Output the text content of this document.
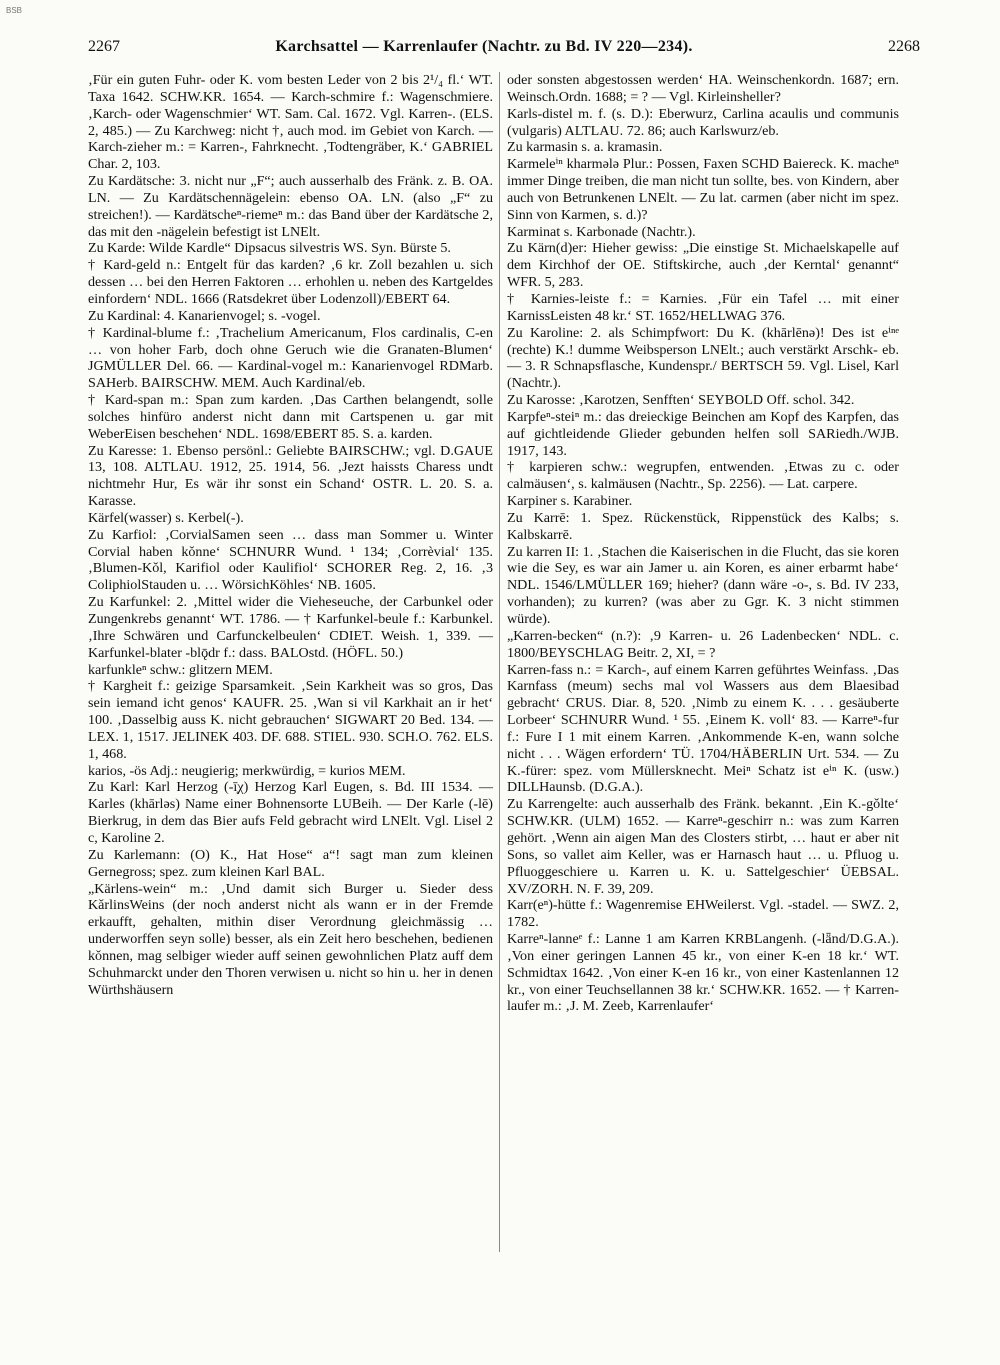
BSB
2267	Karchsattel — Karrenlaufer (Nachtr. zu Bd. IV 220—234).	2268

‚Für ein guten Fuhr- oder K. vom besten Leder von 2 bis 2¹/₄ fl.‘ WT. Taxa 1642. SCHW.KR. 1654. — Karch-schmire f.: Wagenschmiere. ‚Karch- oder Wagenschmier‘ WT. Sam. Cal. 1672. Vgl. Karren-. (ELS. 2, 485.) — Zu Karchweg: nicht †, auch mod. im Gebiet von Karch. — Karch-zieher m.: = Karren-, Fahrknecht. ‚Todtengräber, K.‘ GABRIEL Char. 2, 103.

Zu Kardätsche: 3. nicht nur „F“; auch ausserhalb des Fränk. z. B. OA. LN. — Zu Kardätschennägelein: ebenso OA. LN. (also „F“ zu streichen!). — Kardätscheⁿ-riemeⁿ m.: das Band über der Kardätsche 2, das mit den -nägelein befestigt ist LNElt.

Zu Karde: Wilde Kardle“ Dipsacus silvestris WS. Syn. Bürste 5.

† Kard-geld n.: Entgelt für das karden? ‚6 kr. Zoll bezahlen u. sich dessen … bei den Herren Faktoren … erhohlen u. neben des Kartgeldes einfordern‘ NDL. 1666 (Ratsdekret über Lodenzoll)/EBERT 64.

Zu Kardinal: 4. Kanarienvogel; s. -vogel.

† Kardinal-blume f.: ‚Trachelium Americanum, Flos cardinalis, C-en … von hoher Farb, doch ohne Geruch wie die Granaten-Blumen‘ JGMÜLLER Del. 66. — Kardinal-vogel m.: Kanarienvogel RDMarb. SAHerb. BAIRSCHW. MEM. Auch Kardinal/eb.

† Kard-span m.: Span zum karden. ‚Das Carthen belangendt, solle solches hinfüro anderst nicht dann mit Cartspenen u. gar mit WeberEisen beschehen‘ NDL. 1698/EBERT 85. S. a. karden.

Zu Karesse: 1. Ebenso persönl.: Geliebte BAIRSCHW.; vgl. D.GAUE 13, 108. ALTLAU. 1912, 25. 1914, 56. ‚Jezt haissts Charess undt nichtmehr Hur, Es wär ihr sonst ein Schand‘ OSTR. L. 20. S. a. Karasse.

Kärfel(wasser) s. Kerbel(-).

Zu Karfiol: ‚CorvialSamen seen … dass man Sommer u. Winter Corvial haben kǒnne‘ SCHNURR Wund. ¹ 134; ‚Corrèvial‘ 135. ‚Blumen-Kǒl, Karifiol oder Kaulifiol‘ SCHORER Reg. 2, 16. ‚3 ColiphiolStauden u. … WörsichKöhles‘ NB. 1605.

Zu Karfunkel: 2. ‚Mittel wider die Vieheseuche, der Carbunkel oder Zungenkrebs genannt‘ WT. 1786. — † Karfunkel-beule f.: Karbunkel. ‚Ihre Schwären und Carfunckelbeulen‘ CDIET. Weish. 1, 339. — Karfunkel-blater -blǭdr f.: dass. BALOstd. (HÖFL. 50.)

karfunkleⁿ schw.: glitzern MEM.

† Kargheit f.: geizige Sparsamkeit. ‚Sein Karkheit was so gros, Das sein iemand icht genos‘ KAUFR. 25. ‚Wan si vil Karkhait an ir het‘ 100. ‚Dasselbig auss K. nicht gebrauchen‘ SIGWART 20 Bed. 134. — LEX. 1, 1517. JELINEK 403. DF. 688. STIEL. 930. SCH.O. 762. ELS. 1, 468.

karios, -ös Adj.: neugierig; merkwürdig, = kurios MEM.

Zu Karl: Karl Herzog (-ī̜χ) Herzog Karl Eugen, s. Bd. III 1534. — Karles (khārləs) Name einer Bohnensorte LUBeih. — Der Karle (-lē) Bierkrug, in dem das Bier aufs Feld gebracht wird LNElt. Vgl. Lisel 2 c, Karoline 2.

Zu Karlemann: (O) K., Hat Hose“ a“! sagt man zum kleinen Gernegross; spez. zum kleinen Karl BAL.

„Kärlens-wein“ m.: ‚Und damit sich Burger u. Sieder dess KǎrlinsWeins (der noch anderst nicht als wann er in der Fremde erkaufft, gehalten, mithin diser Verordnung gleichmässig … underworffen seyn solle) besser, als ein Zeit hero beschehen, bedienen kǒnnen, mag selbiger wieder auff seinen gewohnlichen Platz auff dem Schuhmarckt under den Thoren verwisen u. nicht so hin u. her in denen Würthshäusern

oder sonsten abgestossen werden‘ HA. Weinschenkordn. 1687; ern. Weinsch.Ordn. 1688; = ? — Vgl. Kirleinsheller?

Karls-distel m. f. (s. D.): Eberwurz, Carlina acaulis und communis (vulgaris) ALTLAU. 72. 86; auch Karlswurz/eb.

Zu karmasin s. a. kramasin.

Karmeleⁱⁿ kharmələ Plur.: Possen, Faxen SCHD Baiereck. K. macheⁿ immer Dinge treiben, die man nicht tun sollte, bes. von Kindern, aber auch von Betrunkenen LNElt. — Zu lat. carmen (aber nicht im spez. Sinn von Karmen, s. d.)?

Karminat s. Karbonade (Nachtr.).

Zu Kärn(d)er: Hieher gewiss: „Die einstige St. Michaelskapelle auf dem Kirchhof der OE. Stiftskirche, auch ‚der Kerntal‘ genannt“ WFR. 5, 283.

† Karnies-leiste f.: = Karnies. ‚Für ein Tafel … mit einer KarnissLeisten 48 kr.‘ ST. 1652/HELLWAG 376.

Zu Karoline: 2. als Schimpfwort: Du K. (khārlēnə)! Des ist eⁱⁿᵉ (rechte) K.! dumme Weibsperson LNElt.; auch verstärkt Arschk- eb. — 3. R Schnapsflasche, Kundenspr./ BERTSCH 59. Vgl. Lisel, Karl (Nachtr.).

Zu Karosse: ‚Karotzen, Senfften‘ SEYBOLD Off. schol. 342.

Karpfeⁿ-steiⁿ m.: das dreieckige Beinchen am Kopf des Karpfen, das auf gichtleidende Glieder gebunden helfen soll SARiedh./WJB. 1917, 143.

† karpieren schw.: wegrupfen, entwenden. ‚Etwas zu c. oder calmäusen‘, s. kalmäusen (Nachtr., Sp. 2256). — Lat. carpere.

Karpiner s. Karabiner.

Zu Karrē: 1. Spez. Rückenstück, Rippenstück des Kalbs; s. Kalbskarrē.

Zu karren II: 1. ‚Stachen die Kaiserischen in die Flucht, das sie koren wie die Sey, es war ain Jamer u. ain Koren, es ainer erbarmt habe‘ NDL. 1546/LMÜLLER 169; hieher? (dann wäre -o-, s. Bd. IV 233, vorhanden); zu kurren? (was aber zu Ggr. K. 3 nicht stimmen würde).

„Karren-becken“ (n.?): ‚9 Karren- u. 26 Ladenbecken‘ NDL. c. 1800/BEYSCHLAG Beitr. 2, XI, = ?

Karren-fass n.: = Karch-, auf einem Karren geführtes Weinfass. ‚Das Karnfass (meum) sechs mal vol Wassers aus dem Blaesibad gebracht‘ CRUS. Diar. 8, 520. ‚Nimb zu einem K. . . . gesäuberte Lorbeer‘ SCHNURR Wund. ¹ 55. ‚Einem K. voll‘ 83. — Karreⁿ-fur f.: Fure I 1 mit einem Karren. ‚Ankommende K-en, wann solche nicht . . . Wägen erfordern‘ TÜ. 1704/HÄBERLIN Urt. 534. — Zu K.-fürer: spez. vom Müllersknecht. Meiⁿ Schatz ist eⁱⁿ K. (usw.) DILLHaunsb. (D.G.A.).

Zu Karrengelte: auch ausserhalb des Fränk. bekannt. ‚Ein K.-gǒlte‘ SCHW.KR. (ULM) 1652. — Karreⁿ-geschirr n.: was zum Karren gehört. ‚Wenn ain aigen Man des Closters stirbt, … haut er aber nit Sons, so vallet aim Keller, was er Harnasch haut … u. Pfluog u. Pfluoggeschiere u. Karren u. K. u. Sattelgeschier‘ ÜEBSAL. XV/ZORH. N. F. 39, 209.

Karr(eⁿ)-hütte f.: Wagenremise EHWeilerst. Vgl. -stadel. — SWZ. 2, 1782.

Karreⁿ-lanneᵉ f.: Lanne 1 am Karren KRBLangenh. (-lǟnd/D.G.A.). ‚Von einer geringen Lannen 45 kr., von einer K-en 18 kr.‘ WT. Schmidtax 1642. ‚Von einer K-en 16 kr., von einer Kastenlannen 12 kr., von einer Teuchsellannen 38 kr.‘ SCHW.KR. 1652. — † Karren-laufer m.: ‚J. M. Zeeb, Karrenlaufer‘
